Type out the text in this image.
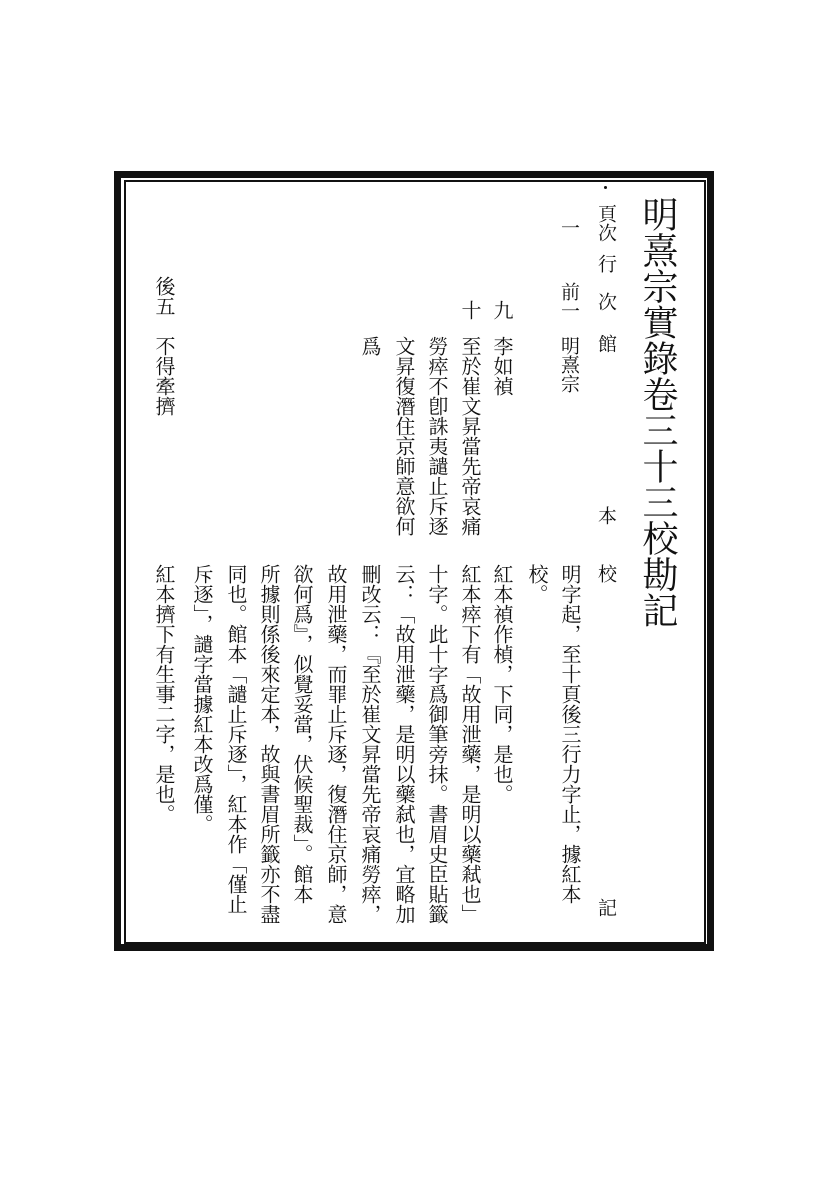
明熹宗實錄卷三十三校勘記
頁次
一
行
前一 次
館
明熹宗
本
校
記
明字起，至十頁後三行力字止，據紅本
校。
九
李如禎
紅本禎作楨，下同，是也。
十
至於崔文昇當先帝哀痛
紅本瘁下有「故用泄藥，是明以藥弒也」
勞瘁不卽誅夷譴止斥逐
十字。此十字爲御筆旁抹。書眉史臣貼籤
文昇復潛住京師意欲何
云：「故用泄藥，是明以藥弑也，宜略加
爲
刪改云：『至於崔文昇當先帝哀痛勞瘁，
故用泄藥，而罪止斥逐，復潛住京師，意
欲何爲』，似覺妥當，伏候聖裁」。館本
所據則係後來定本，故與書眉所籤亦不盡
同也。館本「譴止斥逐」，紅本作「僅止
斥逐」，譴字當據紅本改爲僅。
後五
不得牽擠
紅本擠下有生事二字，是也。
